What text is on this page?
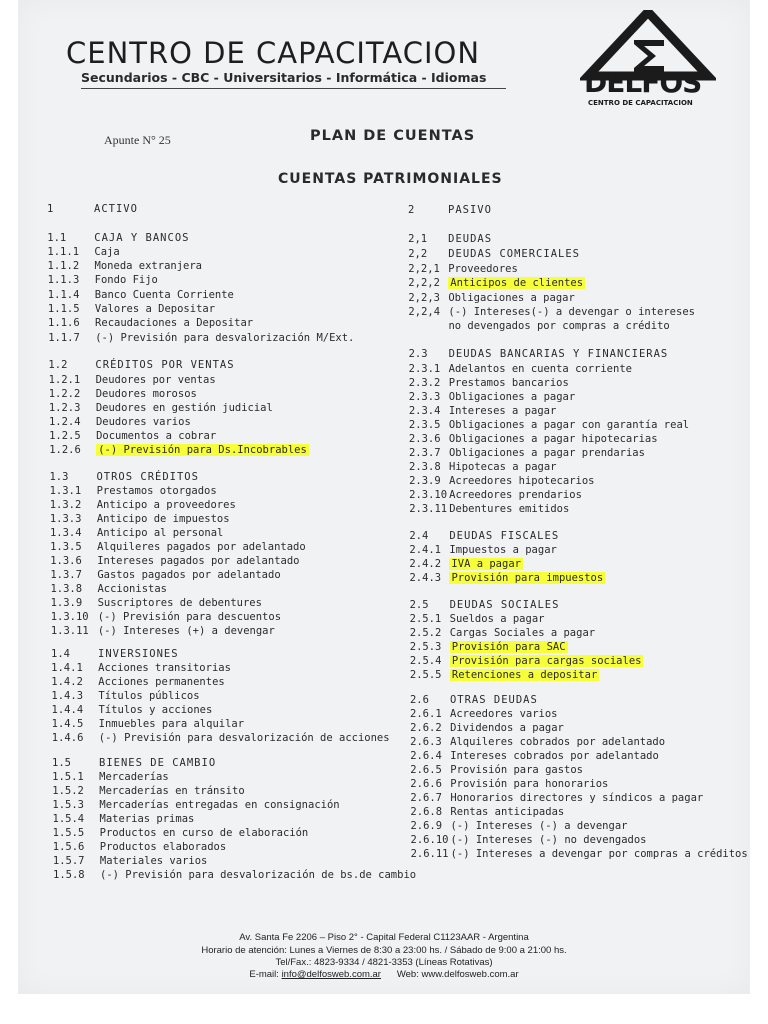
CENTRO DE CAPACITACION
Secundarios - CBC - Universitarios - Informática - Idiomas	DELFOS
CENTRO DE CAPACITACION
Apunte N° 25	PLAN DE CUENTAS
CUENTAS PATRIMONIALES
1	ACTIVO
1.1	CAJA Y BANCOS
1.1.1 Caja
1.1.2 Moneda extranjera
1.1.3 Fondo Fijo
1.1.4 Banco Cuenta Corriente
1.1.5 Valores a Depositar
1.1.6 Recaudaciones a Depositar
1.1.7 (-) Previsión para desvalorización M/Ext.
1.2	CRÉDITOS POR VENTAS
1.2.1 Deudores por ventas
1.2.2 Deudores morosos
1.2.3 Deudores en gestión judicial
1.2.4 Deudores varios
1.2.5 Documentos a cobrar
1.2.6 (-) Previsión para Ds.Incobrables
1.3	OTROS CRÉDITOS
1.3.1 Prestamos otorgados
1.3.2 Anticipo a proveedores
1.3.3 Anticipo de impuestos
1.3.4 Anticipo al personal
1.3.5 Alquileres pagados por adelantado
1.3.6 Intereses pagados por adelantado
1.3.7 Gastos pagados por adelantado
1.3.8 Accionistas
1.3.9 Suscriptores de debentures
1.3.10 (-) Previsión para descuentos
1.3.11 (-) Intereses (+) a devengar
1.4	INVERSIONES
1.4.1 Acciones transitorias
1.4.2 Acciones permanentes
1.4.3 Títulos públicos
1.4.4 Títulos y acciones
1.4.5 Inmuebles para alquilar
1.4.6 (-) Previsión para desvalorización de acciones
1.5	BIENES DE CAMBIO
1.5.1 Mercaderías
1.5.2 Mercaderías en tránsito
1.5.3 Mercaderías entregadas en consignación
1.5.4 Materias primas
1.5.5 Productos en curso de elaboración
1.5.6 Productos elaborados
1.5.7 Materiales varios
1.5.8 (-) Previsión para desvalorización de bs.de cambio
2	PASIVO
2,1 DEUDAS
2,2 DEUDAS COMERCIALES
2,2,1 Proveedores
2,2,2 Anticipos de clientes
2,2,3 Obligaciones a pagar
2,2,4 (-) Intereses(-) a devengar o intereses
no devengados por compras a crédito
2.3 DEUDAS BANCARIAS Y FINANCIERAS
2.3.1 Adelantos en cuenta corriente
2.3.2 Prestamos bancarios
2.3.3 Obligaciones a pagar
2.3.4 Intereses a pagar
2.3.5 Obligaciones a pagar con garantía real
2.3.6 Obligaciones a pagar hipotecarias
2.3.7 Obligaciones a pagar prendarias
2.3.8 Hipotecas a pagar
2.3.9 Acreedores hipotecarios
2.3.10 Acreedores prendarios
2.3.11 Debentures emitidos
2.4 DEUDAS FISCALES
2.4.1 Impuestos a pagar
2.4.2 IVA a pagar
2.4.3 Provisión para impuestos
2.5 DEUDAS SOCIALES
2.5.1 Sueldos a pagar
2.5.2 Cargas Sociales a pagar
2.5.3 Provisión para SAC
2.5.4 Provisión para cargas sociales
2.5.5 Retenciones a depositar
2.6 OTRAS DEUDAS
2.6.1 Acreedores varios
2.6.2 Dividendos a pagar
2.6.3 Alquileres cobrados por adelantado
2.6.4 Intereses cobrados por adelantado
2.6.5 Provisión para gastos
2.6.6 Provisión para honorarios
2.6.7 Honorarios directores y síndicos a pagar
2.6.8 Rentas anticipadas
2.6.9 (-) Intereses (-) a devengar
2.6.10 (-) Intereses (-) no devengados
2.6.11 (-) Intereses a devengar por compras a créditos
Av. Santa Fe 2206 – Piso 2° - Capital Federal C1123AAR - Argentina
Horario de atención: Lunes a Viernes de 8:30 a 23:00 hs. / Sábado de 9:00 a 21:00 hs.
Tel/Fax.: 4823-9334 / 4821-3353 (Líneas Rotativas)
E-mail: info@delfosweb.com.ar Web: www.delfosweb.com.ar
